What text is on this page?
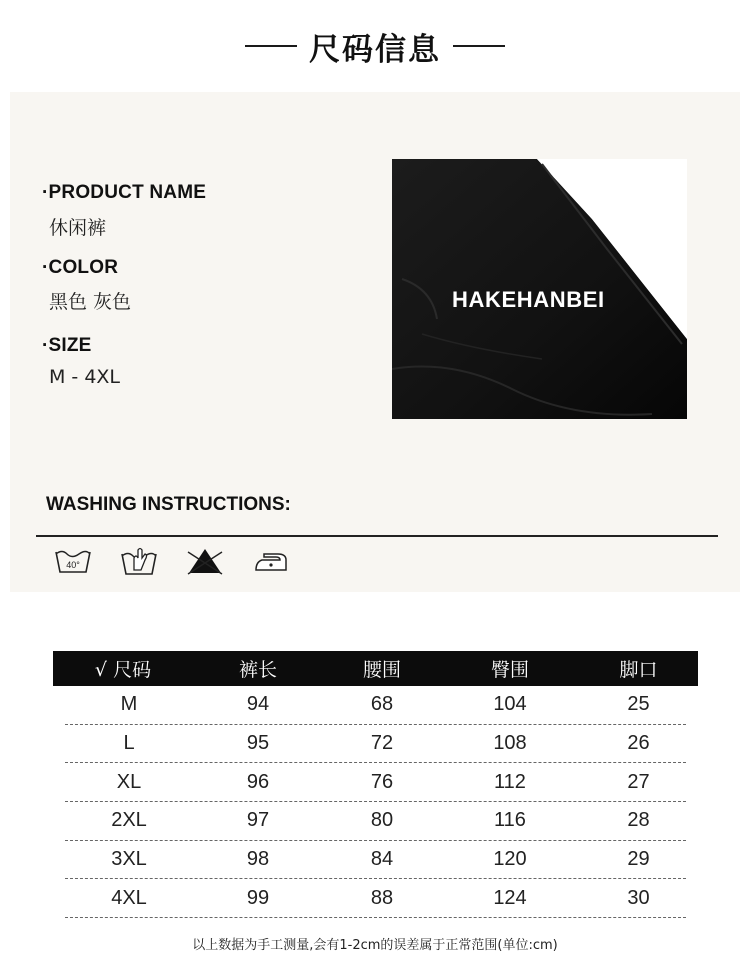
尺码信息
·PRODUCT NAME
休闲裤
·COLOR
黑色 灰色
·SIZE
M - 4XL
HAKEHANBEI
WASHING INSTRUCTIONS:
40°
√ 尺码	裤长	腰围	臀围	脚口
M	94	68	104	25
L	95	72	108	26
XL	96	76	112	27
2XL	97	80	116	28
3XL	98	84	120	29
4XL	99	88	124	30
以上数据为手工测量,会有1-2cm的误差属于正常范围(单位:cm)
